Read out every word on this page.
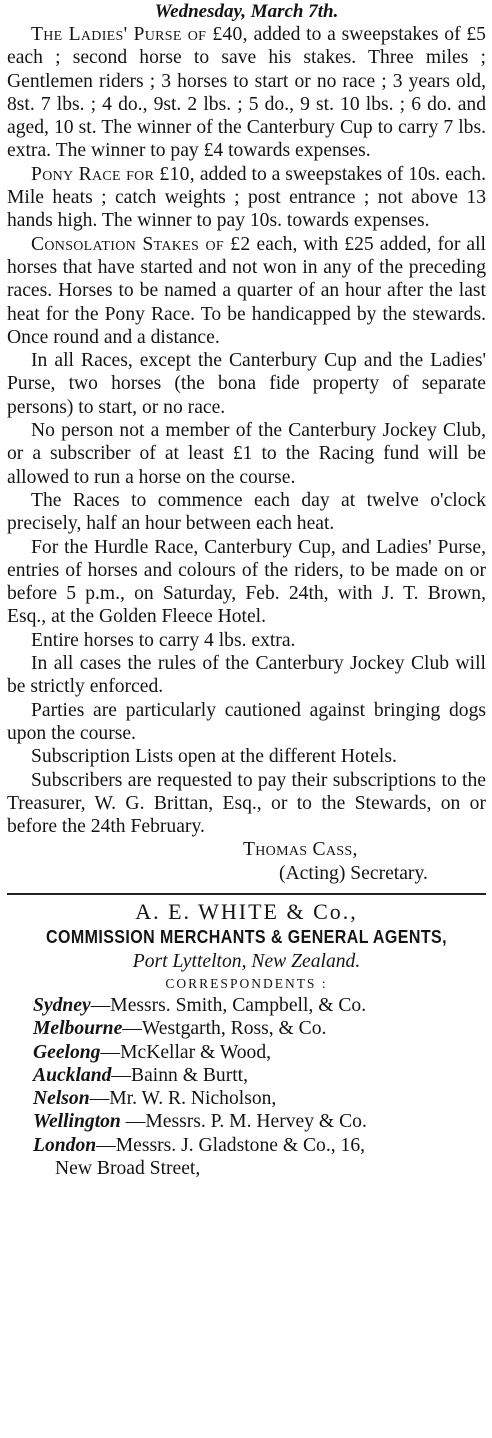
Wednesday, March 7th.

The Ladies' Purse of £40, added to a sweepstakes of £5 each ; second horse to save his stakes. Three miles ; Gentlemen riders ; 3 horses to start or no race ; 3 years old, 8st. 7 lbs. ; 4 do., 9st. 2 lbs. ; 5 do., 9 st. 10 lbs. ; 6 do. and aged, 10 st. The winner of the Canterbury Cup to carry 7 lbs. extra. The winner to pay £4 towards expenses.

Pony Race for £10, added to a sweepstakes of 10s. each. Mile heats ; catch weights ; post entrance ; not above 13 hands high. The winner to pay 10s. towards expenses.

Consolation Stakes of £2 each, with £25 added, for all horses that have started and not won in any of the preceding races. Horses to be named a quarter of an hour after the last heat for the Pony Race. To be handicapped by the stewards. Once round and a distance.

In all Races, except the Canterbury Cup and the Ladies' Purse, two horses (the bona fide property of separate persons) to start, or no race.

No person not a member of the Canterbury Jockey Club, or a subscriber of at least £1 to the Racing fund will be allowed to run a horse on the course.

The Races to commence each day at twelve o'clock precisely, half an hour between each heat.

For the Hurdle Race, Canterbury Cup, and Ladies' Purse, entries of horses and colours of the riders, to be made on or before 5 p.m., on Saturday, Feb. 24th, with J. T. Brown, Esq., at the Golden Fleece Hotel.

Entire horses to carry 4 lbs. extra.

In all cases the rules of the Canterbury Jockey Club will be strictly enforced.

Parties are particularly cautioned against bringing dogs upon the course.

Subscription Lists open at the different Hotels.

Subscribers are requested to pay their subscriptions to the Treasurer, W. G. Brittan, Esq., or to the Stewards, on or before the 24th February.

Thomas Cass,
(Acting) Secretary.
A. E. WHITE & Co.,
COMMISSION MERCHANTS & GENERAL AGENTS,
Port Lyttelton, New Zealand.
CORRESPONDENTS :
Sydney—Messrs. Smith, Campbell, & Co.
Melbourne—Westgarth, Ross, & Co.
Geelong—McKellar & Wood,
Auckland—Bainn & Burtt,
Nelson—Mr. W. R. Nicholson,
Wellington —Messrs. P. M. Hervey & Co.
London—Messrs. J. Gladstone & Co., 16,
New Broad Street,
